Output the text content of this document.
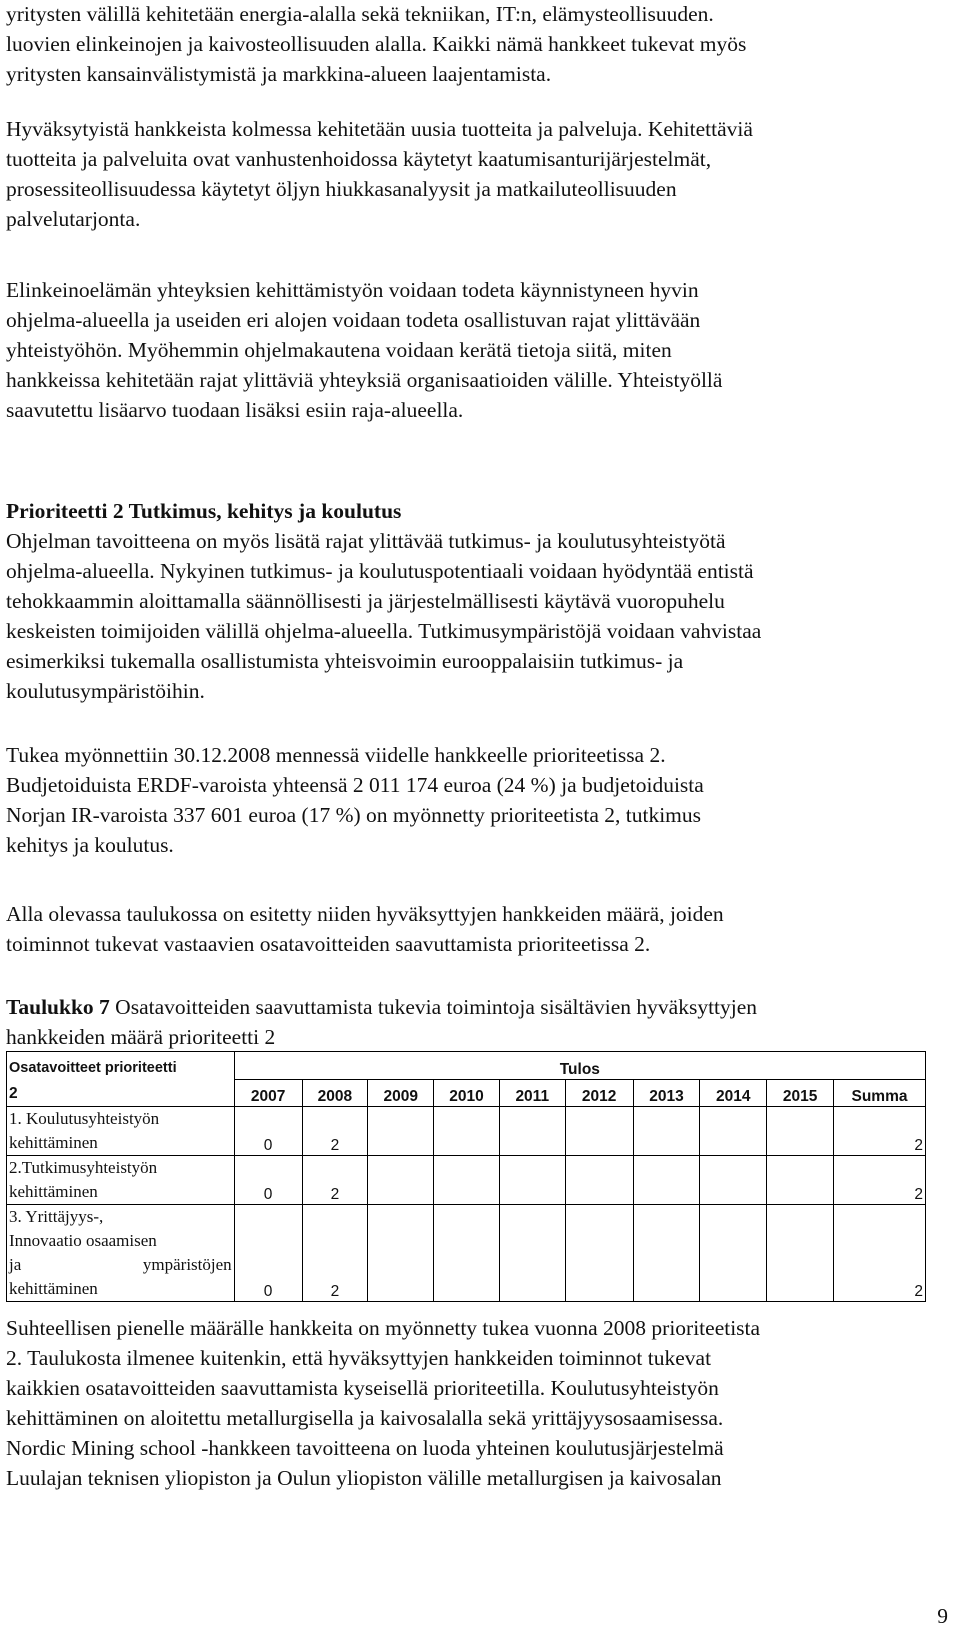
yritysten välillä kehitetään energia-alalla sekä tekniikan, IT:n, elämysteollisuuden.
luovien elinkeinojen ja kaivosteollisuuden alalla. Kaikki nämä hankkeet tukevat myös
yritysten kansainvälistymistä ja markkina-alueen laajentamista.

Hyväksytyistä hankkeista kolmessa kehitetään uusia tuotteita ja palveluja. Kehitettäviä
tuotteita ja palveluita ovat vanhustenhoidossa käytetyt kaatumisanturijärjestelmät,
prosessiteollisuudessa käytetyt öljyn hiukkasanalyysit ja matkailuteollisuuden
palvelutarjonta.

Elinkeinoelämän yhteyksien kehittämistyön voidaan todeta käynnistyneen hyvin
ohjelma-alueella ja useiden eri alojen voidaan todeta osallistuvan rajat ylittävään
yhteistyöhön. Myöhemmin ohjelmakautena voidaan kerätä tietoja siitä, miten
hankkeissa kehitetään rajat ylittäviä yhteyksiä organisaatioiden välille. Yhteistyöllä
saavutettu lisäarvo tuodaan lisäksi esiin raja-alueella.

Prioriteetti 2 Tutkimus, kehitys ja koulutus
Ohjelman tavoitteena on myös lisätä rajat ylittävää tutkimus- ja koulutusyhteistyötä
ohjelma-alueella. Nykyinen tutkimus- ja koulutuspotentiaali voidaan hyödyntää entistä
tehokkaammin aloittamalla säännöllisesti ja järjestelmällisesti käytävä vuoropuhelu
keskeisten toimijoiden välillä ohjelma-alueella. Tutkimusympäristöjä voidaan vahvistaa
esimerkiksi tukemalla osallistumista yhteisvoimin eurooppalaisiin tutkimus- ja
koulutusympäristöihin.

Tukea myönnettiin 30.12.2008 mennessä viidelle hankkeelle prioriteetissa 2.
Budjetoiduista ERDF-varoista yhteensä 2 011 174 euroa (24 %) ja budjetoiduista
Norjan IR-varoista 337 601 euroa (17 %) on myönnetty prioriteetista 2, tutkimus
kehitys ja koulutus.

Alla olevassa taulukossa on esitetty niiden hyväksyttyjen hankkeiden määrä, joiden
toiminnot tukevat vastaavien osatavoitteiden saavuttamista prioriteetissa 2.

Taulukko 7 Osatavoitteiden saavuttamista tukevia toimintoja sisältävien hyväksyttyjen
hankkeiden määrä prioriteetti 2

Osatavoitteet prioriteetti
2	Tulos									
	2007	2008	2009	2010	2011	2012	2013	2014	2015	Summa

1. Koulutusyhteistyön
kehittäminen	0	2								2

2.Tutkimusyhteistyön
kehittäminen	0	2								2

3. Yrittäjyys-,
Innovaatio osaamisen
ja ympäristöjen
kehittäminen	0	2								2

Suhteellisen pienelle määrälle hankkeita on myönnetty tukea vuonna 2008 prioriteetista
2. Taulukosta ilmenee kuitenkin, että hyväksyttyjen hankkeiden toiminnot tukevat
kaikkien osatavoitteiden saavuttamista kyseisellä prioriteetilla. Koulutusyhteistyön
kehittäminen on aloitettu metallurgisella ja kaivosalalla sekä yrittäjyysosaamisessa.
Nordic Mining school -hankkeen tavoitteena on luoda yhteinen koulutusjärjestelmä
Luulajan teknisen yliopiston ja Oulun yliopiston välille metallurgisen ja kaivosalan

9
